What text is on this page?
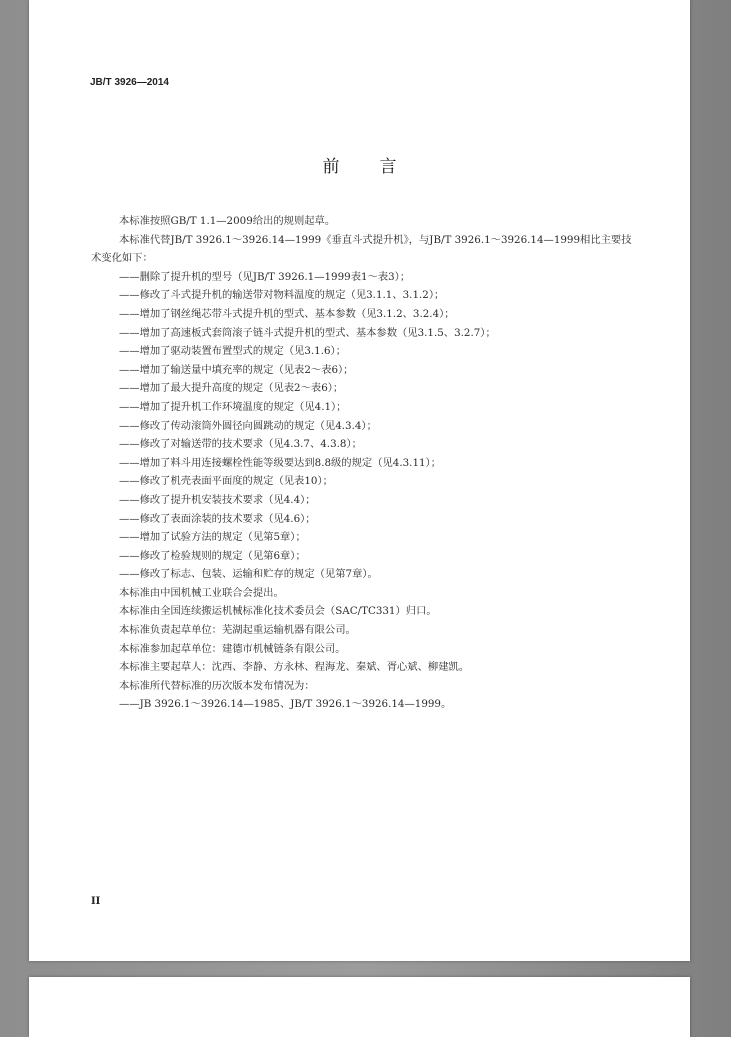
JB/T 3926—2014
前言
本标准按照GB/T 1.1—2009给出的规则起草。
本标准代替JB/T 3926.1～3926.14—1999《垂直斗式提升机》，与JB/T 3926.1～3926.14—1999相比主要技术变化如下：
——删除了提升机的型号（见JB/T 3926.1—1999表1～表3）；
——修改了斗式提升机的输送带对物料温度的规定（见3.1.1、3.1.2）；
——增加了钢丝绳芯带斗式提升机的型式、基本参数（见3.1.2、3.2.4）；
——增加了高速板式套筒滚子链斗式提升机的型式、基本参数（见3.1.5、3.2.7）；
——增加了驱动装置布置型式的规定（见3.1.6）；
——增加了输送量中填充率的规定（见表2～表6）；
——增加了最大提升高度的规定（见表2～表6）；
——增加了提升机工作环境温度的规定（见4.1）；
——修改了传动滚筒外圆径向圆跳动的规定（见4.3.4）；
——修改了对输送带的技术要求（见4.3.7、4.3.8）；
——增加了料斗用连接螺栓性能等级要达到8.8级的规定（见4.3.11）；
——修改了机壳表面平面度的规定（见表10）；
——修改了提升机安装技术要求（见4.4）；
——修改了表面涂装的技术要求（见4.6）；
——增加了试验方法的规定（见第5章）；
——修改了检验规则的规定（见第6章）；
——修改了标志、包装、运输和贮存的规定（见第7章）。
本标准由中国机械工业联合会提出。
本标准由全国连续搬运机械标准化技术委员会（SAC/TC331）归口。
本标准负责起草单位：芜湖起重运输机器有限公司。
本标准参加起草单位：建德市机械链条有限公司。
本标准主要起草人：沈西、李静、方永林、程海龙、秦斌、胥心斌、柳建凯。
本标准所代替标准的历次版本发布情况为：
——JB 3926.1～3926.14—1985、JB/T 3926.1～3926.14—1999。
II
